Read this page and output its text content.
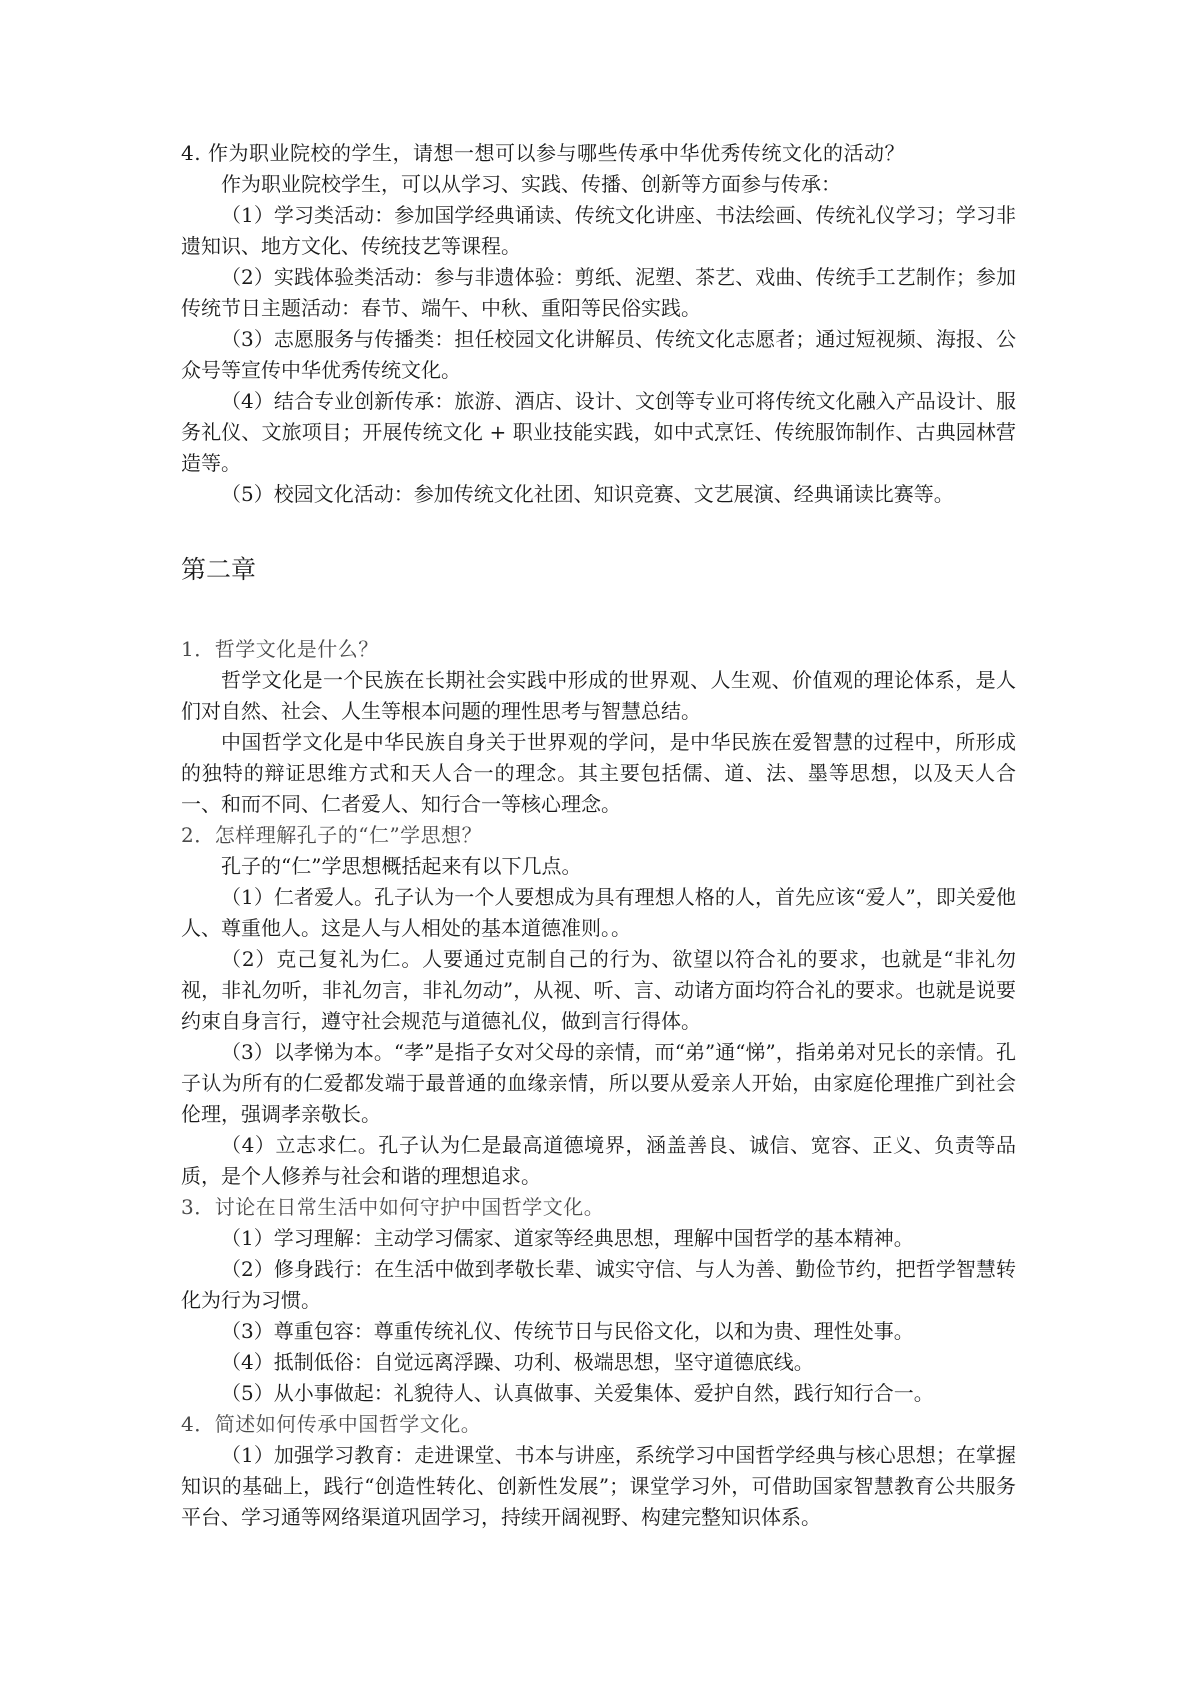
4. 作为职业院校的学生，请想一想可以参与哪些传承中华优秀传统文化的活动？

作为职业院校学生，可以从学习、实践、传播、创新等方面参与传承：

（1）学习类活动：参加国学经典诵读、传统文化讲座、书法绘画、传统礼仪学习；学习非遗知识、地方文化、传统技艺等课程。

（2）实践体验类活动：参与非遗体验：剪纸、泥塑、茶艺、戏曲、传统手工艺制作；参加传统节日主题活动：春节、端午、中秋、重阳等民俗实践。

（3）志愿服务与传播类：担任校园文化讲解员、传统文化志愿者；通过短视频、海报、公众号等宣传中华优秀传统文化。

（4）结合专业创新传承：旅游、酒店、设计、文创等专业可将传统文化融入产品设计、服务礼仪、文旅项目；开展传统文化 + 职业技能实践，如中式烹饪、传统服饰制作、古典园林营造等。

（5）校园文化活动：参加传统文化社团、知识竞赛、文艺展演、经典诵读比赛等。

第二章

1．哲学文化是什么？

哲学文化是一个民族在长期社会实践中形成的世界观、人生观、价值观的理论体系，是人们对自然、社会、人生等根本问题的理性思考与智慧总结。

中国哲学文化是中华民族自身关于世界观的学问，是中华民族在爱智慧的过程中，所形成的独特的辩证思维方式和天人合一的理念。其主要包括儒、道、法、墨等思想，以及天人合一、和而不同、仁者爱人、知行合一等核心理念。

2．怎样理解孔子的“仁”学思想？

孔子的“仁”学思想概括起来有以下几点。

（1）仁者爱人。孔子认为一个人要想成为具有理想人格的人，首先应该“爱人”，即关爱他人、尊重他人。这是人与人相处的基本道德准则。。

（2）克己复礼为仁。人要通过克制自己的行为、欲望以符合礼的要求，也就是“非礼勿视，非礼勿听，非礼勿言，非礼勿动”，从视、听、言、动诸方面均符合礼的要求。也就是说要约束自身言行，遵守社会规范与道德礼仪，做到言行得体。

（3）以孝悌为本。“孝”是指子女对父母的亲情，而“弟”通“悌”，指弟弟对兄长的亲情。孔子认为所有的仁爱都发端于最普通的血缘亲情，所以要从爱亲人开始，由家庭伦理推广到社会伦理，强调孝亲敬长。

（4）立志求仁。孔子认为仁是最高道德境界，涵盖善良、诚信、宽容、正义、负责等品质，是个人修养与社会和谐的理想追求。

3．讨论在日常生活中如何守护中国哲学文化。

（1）学习理解：主动学习儒家、道家等经典思想，理解中国哲学的基本精神。

（2）修身践行：在生活中做到孝敬长辈、诚实守信、与人为善、勤俭节约，把哲学智慧转化为行为习惯。

（3）尊重包容：尊重传统礼仪、传统节日与民俗文化，以和为贵、理性处事。

（4）抵制低俗：自觉远离浮躁、功利、极端思想，坚守道德底线。

（5）从小事做起：礼貌待人、认真做事、关爱集体、爱护自然，践行知行合一。

4．简述如何传承中国哲学文化。

（1）加强学习教育：走进课堂、书本与讲座，系统学习中国哲学经典与核心思想；在掌握知识的基础上，践行“创造性转化、创新性发展”；课堂学习外，可借助国家智慧教育公共服务平台、学习通等网络渠道巩固学习，持续开阔视野、构建完整知识体系。
